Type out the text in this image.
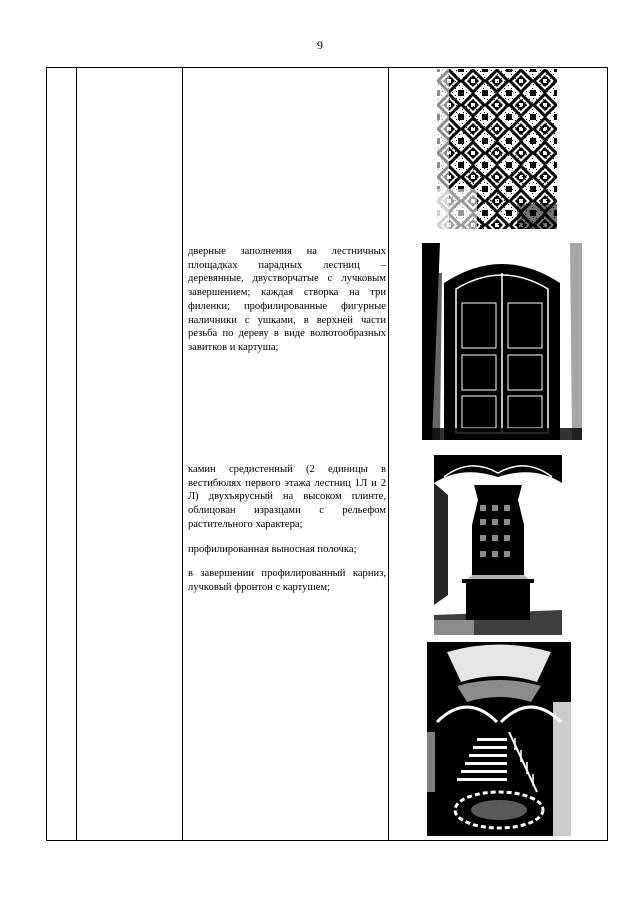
9
дверные заполнения на лестничных площадках парадных лестниц – деревянные, двустворчатые с лучковым завершением; каждая створка на три филенки; профилированные фигурные наличники с ушками, в верхней части резьба по дереву в виде волютообразных завитков и картуша;
камин средистенный (2 единицы в вестибюлях первого этажа лестниц 1Л и 2 Л) двухъярусный на высоком плинте, облицован изразцами с рельефом растительного характера;
профилированная выносная полочка;
в завершении профилированный карниз, лучковый фронтон с картушем;
